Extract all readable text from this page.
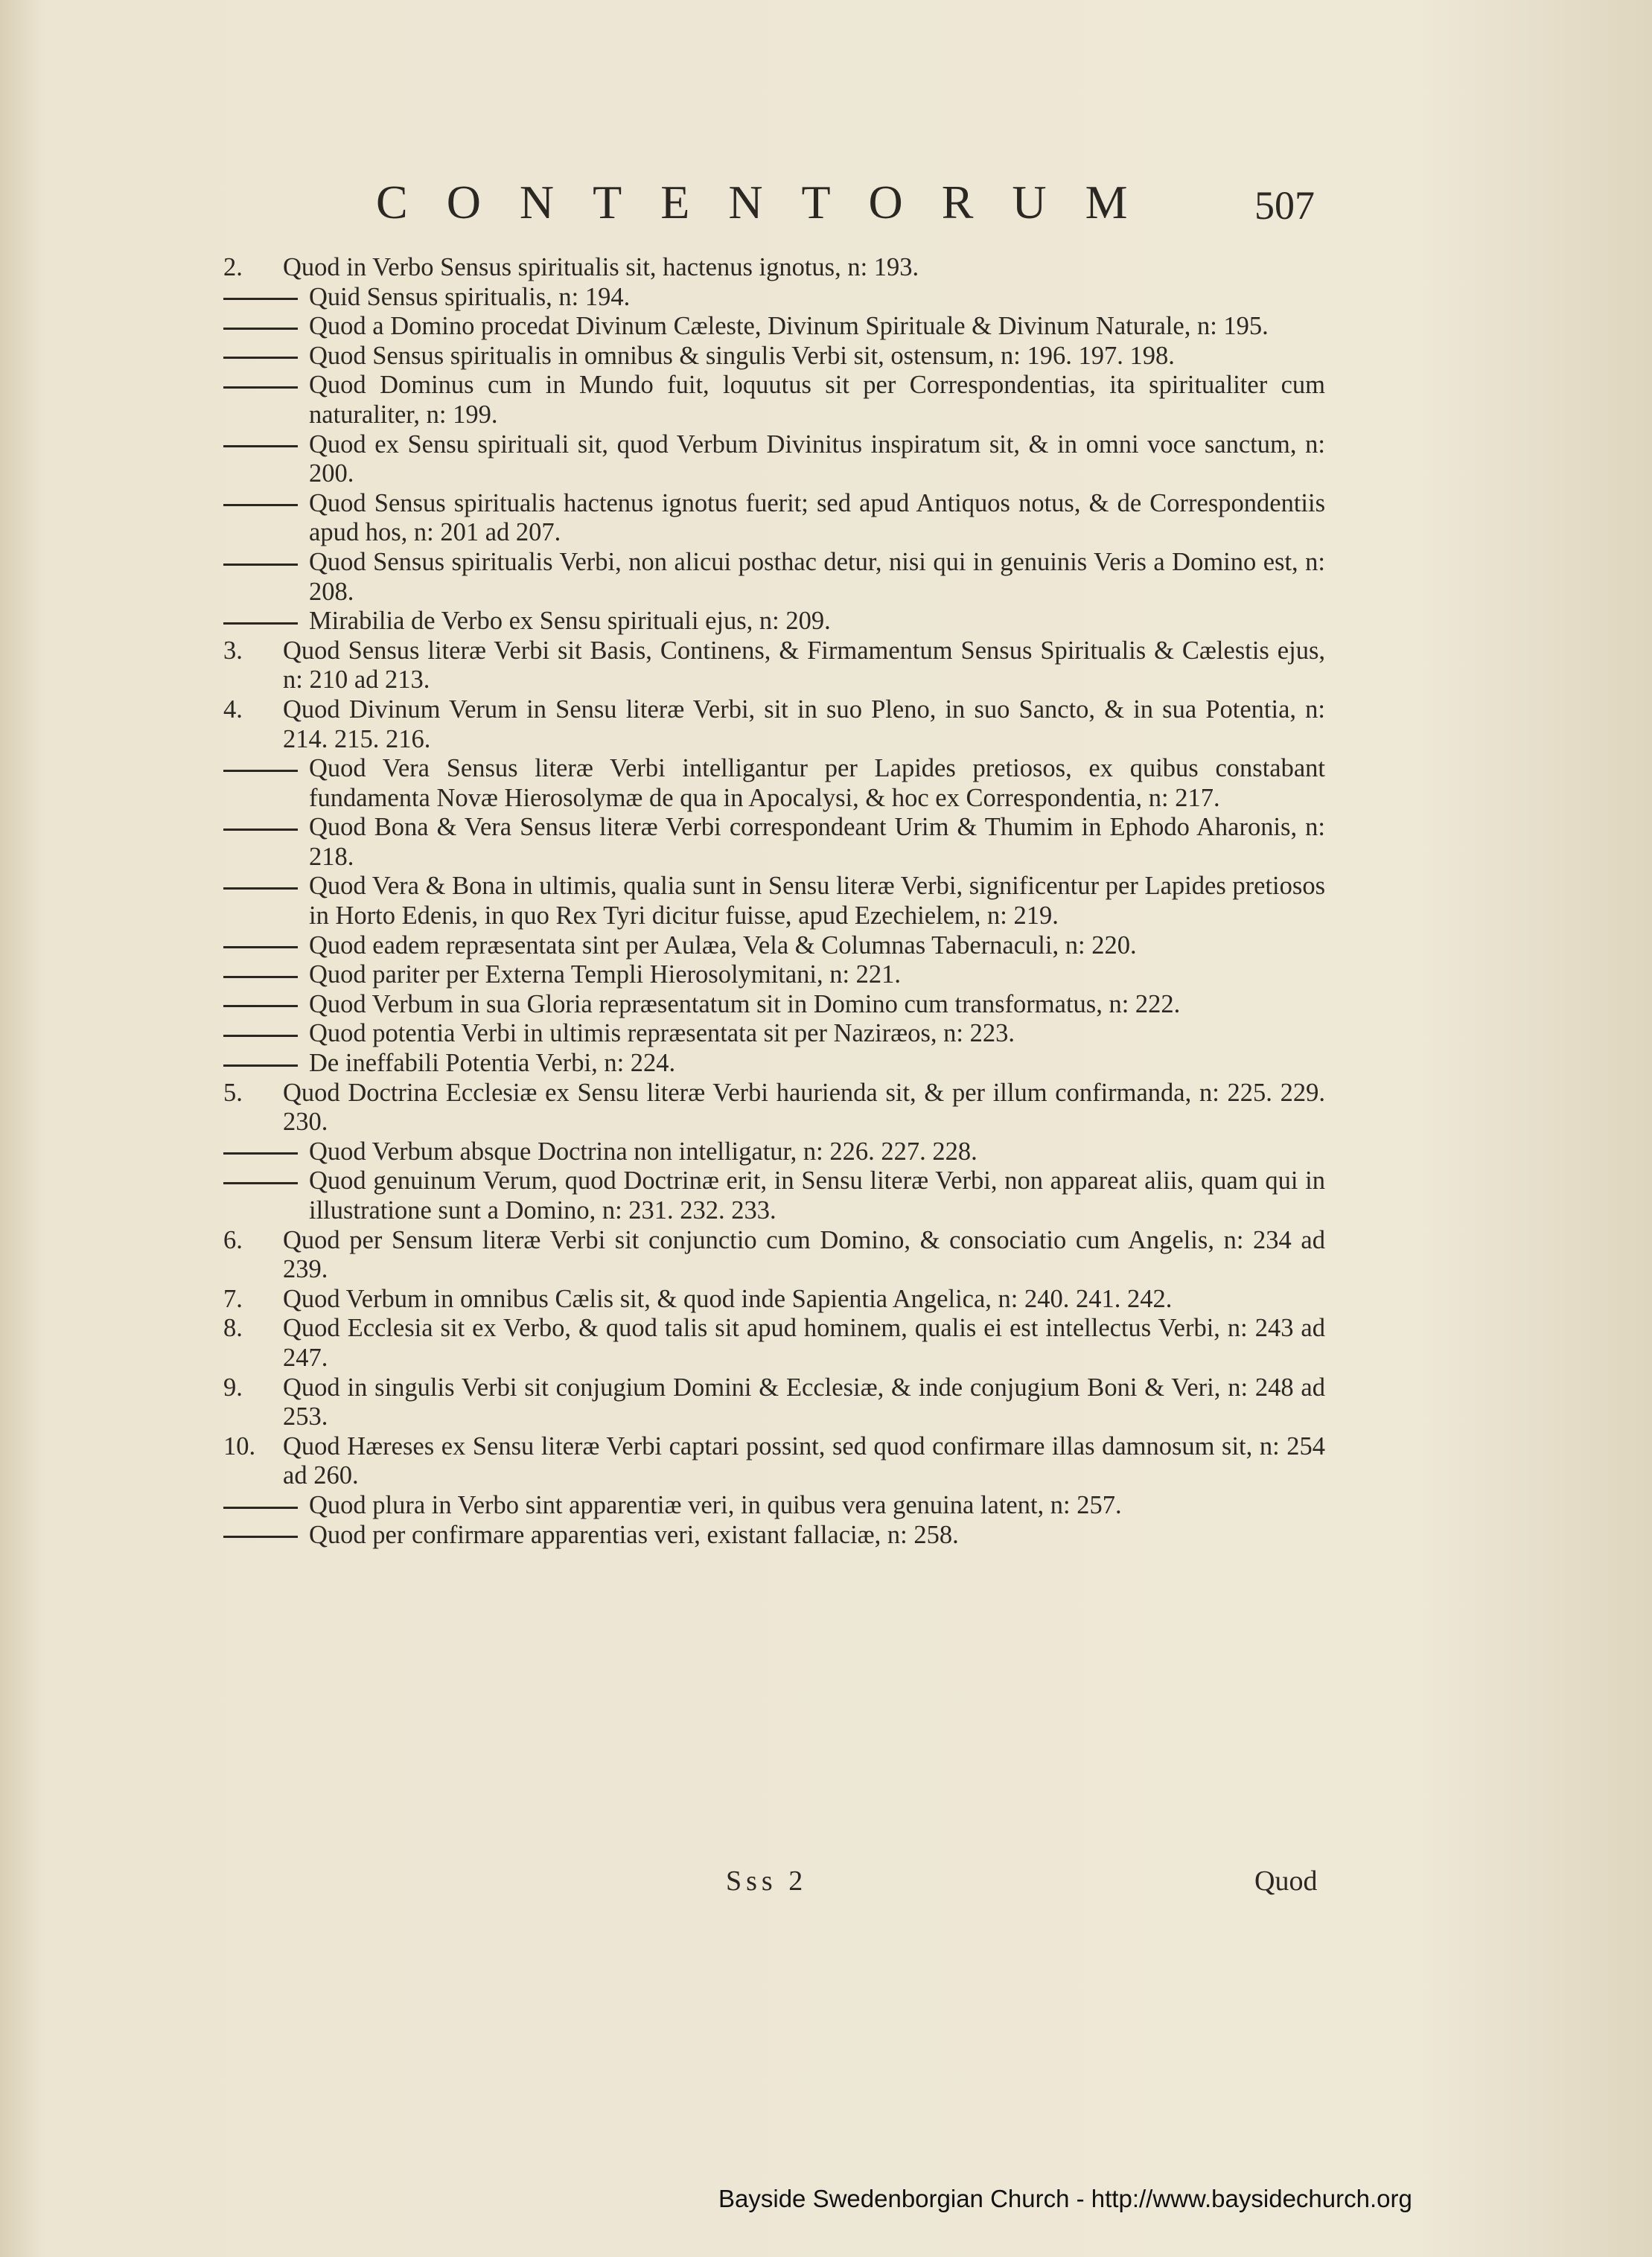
CONTENTORUM 507
2. Quod in Verbo Sensus spiritualis sit, hactenus ignotus, n: 193.
Quid Sensus spiritualis, n: 194.
Quod a Domino procedat Divinum Cæleste, Divinum Spirituale & Divinum Naturale, n: 195.
Quod Sensus spiritualis in omnibus & singulis Verbi sit, ostensum, n: 196. 197. 198.
Quod Dominus cum in Mundo fuit, loquutus sit per Correspondentias, ita spiritualiter cum naturaliter, n: 199.
Quod ex Sensu spirituali sit, quod Verbum Divinitus inspiratum sit, & in omni voce sanctum, n: 200.
Quod Sensus spiritualis hactenus ignotus fuerit; sed apud Antiquos notus, & de Correspondentiis apud hos, n: 201 ad 207.
Quod Sensus spiritualis Verbi, non alicui posthac detur, nisi qui in genuinis Veris a Domino est, n: 208.
Mirabilia de Verbo ex Sensu spirituali ejus, n: 209.
3. Quod Sensus literæ Verbi sit Basis, Continens, & Firmamentum Sensus Spiritualis & Cælestis ejus, n: 210 ad 213.
4. Quod Divinum Verum in Sensu literæ Verbi, sit in suo Pleno, in suo Sancto, & in sua Potentia, n: 214. 215. 216.
Quod Vera Sensus literæ Verbi intelligantur per Lapides pretiosos, ex quibus constabant fundamenta Novæ Hierosolymæ de qua in Apocalysi, & hoc ex Correspondentia, n: 217.
Quod Bona & Vera Sensus literæ Verbi correspondeant Urim & Thumim in Ephodo Aharonis, n: 218.
Quod Vera & Bona in ultimis, qualia sunt in Sensu literæ Verbi, significentur per Lapides pretiosos in Horto Edenis, in quo Rex Tyri dicitur fuisse, apud Ezechielem, n: 219.
Quod eadem repræsentata sint per Aulæa, Vela & Columnas Tabernaculi, n: 220.
Quod pariter per Externa Templi Hierosolymitani, n: 221.
Quod Verbum in sua Gloria repræsentatum sit in Domino cum transformatus, n: 222.
Quod potentia Verbi in ultimis repræsentata sit per Naziræos, n: 223.
De ineffabili Potentia Verbi, n: 224.
5. Quod Doctrina Ecclesiæ ex Sensu literæ Verbi haurienda sit, & per illum confirmanda, n: 225. 229. 230.
Quod Verbum absque Doctrina non intelligatur, n: 226. 227. 228.
Quod genuinum Verum, quod Doctrinæ erit, in Sensu literæ Verbi, non appareat aliis, quam qui in illustratione sunt a Domino, n: 231. 232. 233.
6. Quod per Sensum literæ Verbi sit conjunctio cum Domino, & consociatio cum Angelis, n: 234 ad 239.
7. Quod Verbum in omnibus Cælis sit, & quod inde Sapientia Angelica, n: 240. 241. 242.
8. Quod Ecclesia sit ex Verbo, & quod talis sit apud hominem, qualis ei est intellectus Verbi, n: 243 ad 247.
9. Quod in singulis Verbi sit conjugium Domini & Ecclesiæ, & inde conjugium Boni & Veri, n: 248 ad 253.
10. Quod Hæreses ex Sensu literæ Verbi captari possint, sed quod confirmare illas damnosum sit, n: 254 ad 260.
Quod plura in Verbo sint apparentiæ veri, in quibus vera genuina latent, n: 257.
Quod per confirmare apparentias veri, existant fallaciæ, n: 258.
Sss 2	Quod
Bayside Swedenborgian Church - http://www.baysidechurch.org
